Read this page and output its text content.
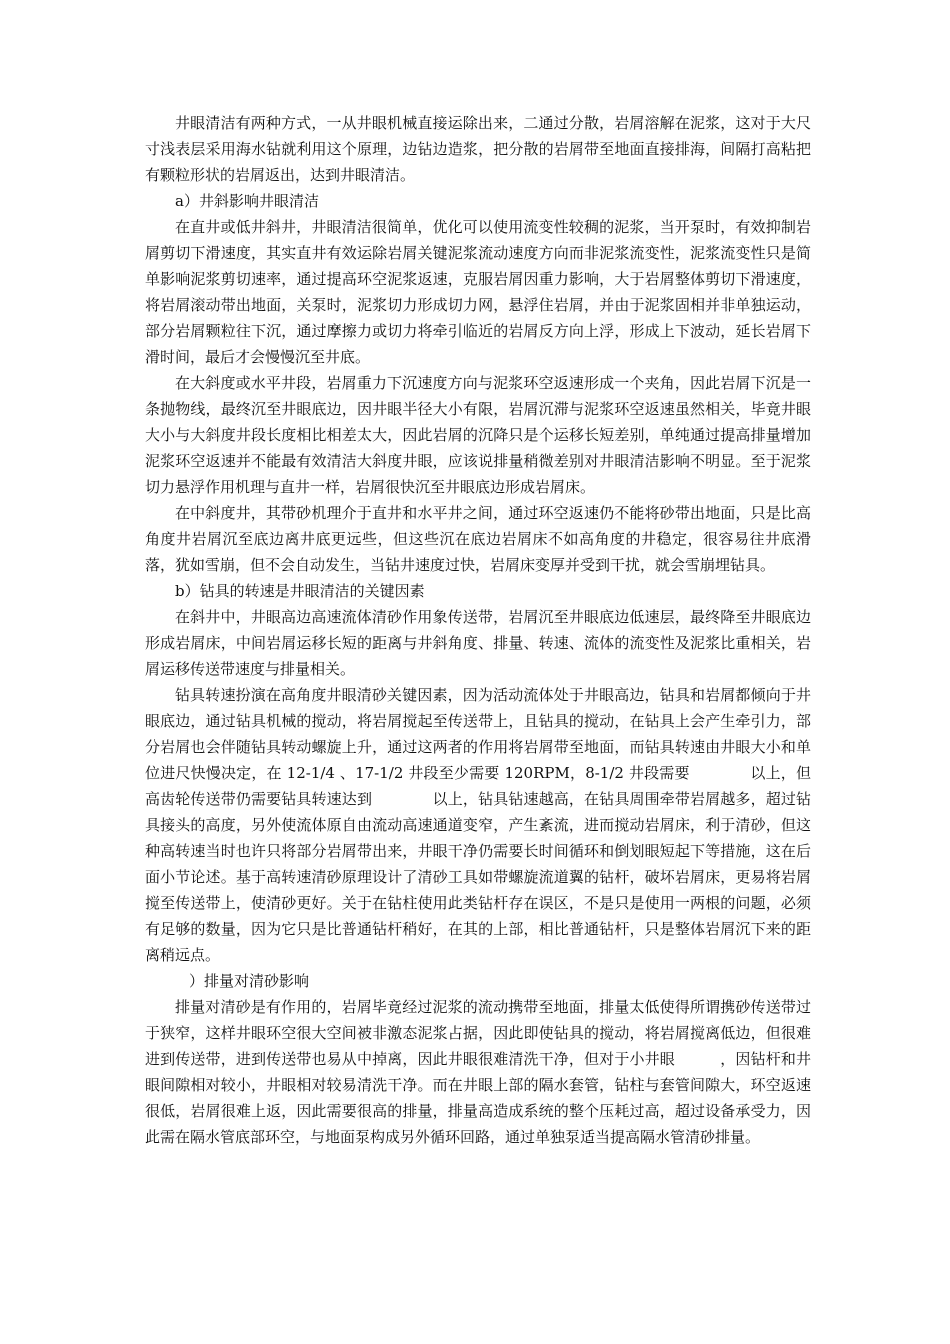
井眼清洁有两种方式，一从井眼机械直接运除出来，二通过分散，岩屑溶解在泥浆，这对于大尺寸浅表层采用海水钻就利用这个原理，边钻边造浆，把分散的岩屑带至地面直接排海，间隔打高粘把有颗粒形状的岩屑返出，达到井眼清洁。

a）井斜影响井眼清洁

在直井或低井斜井，井眼清洁很简单，优化可以使用流变性较稠的泥浆，当开泵时，有效抑制岩屑剪切下滑速度，其实直井有效运除岩屑关键泥浆流动速度方向而非泥浆流变性，泥浆流变性只是简单影响泥浆剪切速率，通过提高环空泥浆返速，克服岩屑因重力影响，大于岩屑整体剪切下滑速度，将岩屑滚动带出地面，关泵时，泥浆切力形成切力网，悬浮住岩屑，并由于泥浆固相并非单独运动，部分岩屑颗粒往下沉，通过摩擦力或切力将牵引临近的岩屑反方向上浮，形成上下波动，延长岩屑下滑时间，最后才会慢慢沉至井底。

在大斜度或水平井段，岩屑重力下沉速度方向与泥浆环空返速形成一个夹角，因此岩屑下沉是一条抛物线，最终沉至井眼底边，因井眼半径大小有限，岩屑沉滞与泥浆环空返速虽然相关，毕竟井眼大小与大斜度井段长度相比相差太大，因此岩屑的沉降只是个运移长短差别，单纯通过提高排量增加泥浆环空返速并不能最有效清洁大斜度井眼，应该说排量稍微差别对井眼清洁影响不明显。至于泥浆切力悬浮作用机理与直井一样，岩屑很快沉至井眼底边形成岩屑床。

在中斜度井，其带砂机理介于直井和水平井之间，通过环空返速仍不能将砂带出地面，只是比高角度井岩屑沉至底边离井底更远些，但这些沉在底边岩屑床不如高角度的井稳定，很容易往井底滑落，犹如雪崩，但不会自动发生，当钻井速度过快，岩屑床变厚并受到干扰，就会雪崩埋钻具。

b）钻具的转速是井眼清洁的关键因素

在斜井中，井眼高边高速流体清砂作用象传送带，岩屑沉至井眼底边低速层，最终降至井眼底边形成岩屑床，中间岩屑运移长短的距离与井斜角度、排量、转速、流体的流变性及泥浆比重相关，岩屑运移传送带速度与排量相关。

钻具转速扮演在高角度井眼清砂关键因素，因为活动流体处于井眼高边，钻具和岩屑都倾向于井眼底边，通过钻具机械的搅动，将岩屑搅起至传送带上，且钻具的搅动，在钻具上会产生牵引力，部分岩屑也会伴随钻具转动螺旋上升，通过这两者的作用将岩屑带至地面，而钻具转速由井眼大小和单位进尺快慢决定，在 12-1/4 、17-1/2 井段至少需要 120RPM，8-1/2 井段需要　　　　以上，但高齿轮传送带仍需要钻具转速达到　　　　以上，钻具钻速越高，在钻具周围牵带岩屑越多，超过钻具接头的高度，另外使流体原自由流动高速通道变窄，产生紊流，进而搅动岩屑床，利于清砂，但这种高转速当时也许只将部分岩屑带出来，井眼干净仍需要长时间循环和倒划眼短起下等措施，这在后面小节论述。基于高转速清砂原理设计了清砂工具如带螺旋流道翼的钻杆，破坏岩屑床，更易将岩屑搅至传送带上，使清砂更好。关于在钻柱使用此类钻杆存在误区，不是只是使用一两根的问题，必须有足够的数量，因为它只是比普通钻杆稍好，在其的上部，相比普通钻杆，只是整体岩屑沉下来的距离稍远点。

）排量对清砂影响

排量对清砂是有作用的，岩屑毕竟经过泥浆的流动携带至地面，排量太低使得所谓携砂传送带过于狭窄，这样井眼环空很大空间被非激态泥浆占据，因此即使钻具的搅动，将岩屑搅离低边，但很难进到传送带，进到传送带也易从中掉离，因此井眼很难清洗干净，但对于小井眼　　　，因钻杆和井眼间隙相对较小，井眼相对较易清洗干净。而在井眼上部的隔水套管，钻柱与套管间隙大，环空返速很低，岩屑很难上返，因此需要很高的排量，排量高造成系统的整个压耗过高，超过设备承受力，因此需在隔水管底部环空，与地面泵构成另外循环回路，通过单独泵适当提高隔水管清砂排量。
